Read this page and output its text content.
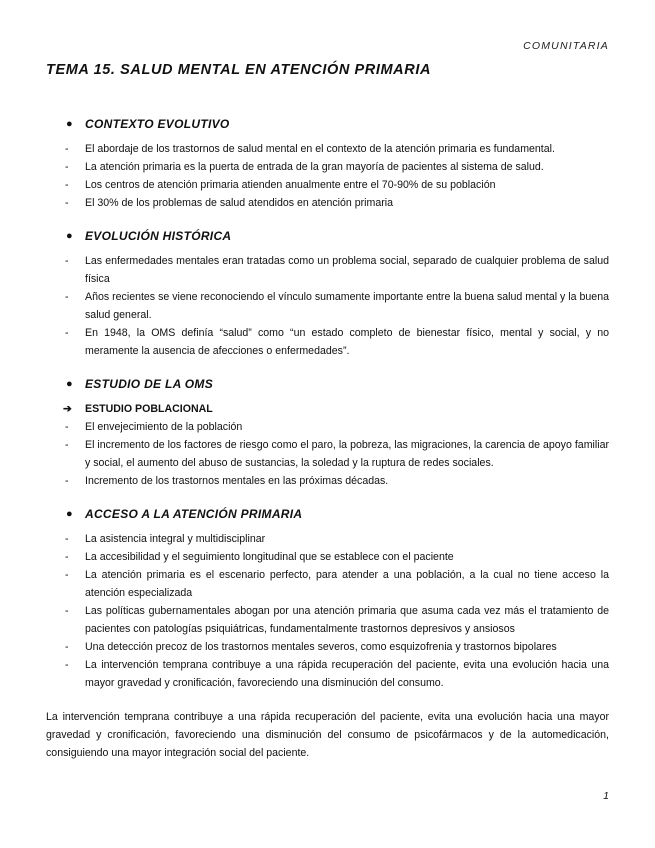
COMUNITARIA
TEMA 15. SALUD MENTAL EN ATENCIÓN PRIMARIA
●	CONTEXTO EVOLUTIVO
- El abordaje de los trastornos de salud mental en el contexto de la atención primaria es fundamental.
- La atención primaria es la puerta de entrada de la gran mayoría de pacientes al sistema de salud.
- Los centros de atención primaria atienden anualmente entre el 70-90% de su población
- El 30% de los problemas de salud atendidos en atención primaria
●	EVOLUCIÓN HISTÓRICA
- Las enfermedades mentales eran tratadas como un problema social, separado de cualquier problema de salud física
- Años recientes se viene reconociendo el vínculo sumamente importante entre la buena salud mental y la buena salud general.
- En 1948, la OMS definía “salud” como “un estado completo de bienestar físico, mental y social, y no meramente la ausencia de afecciones o enfermedades”.
●	ESTUDIO DE LA OMS
➔ ESTUDIO POBLACIONAL
- El envejecimiento de la población
- El incremento de los factores de riesgo como el paro, la pobreza, las migraciones, la carencia de apoyo familiar y social, el aumento del abuso de sustancias, la soledad y la ruptura de redes sociales.
- Incremento de los trastornos mentales en las próximas décadas.
●	ACCESO A LA ATENCIÓN PRIMARIA
- La asistencia integral y multidisciplinar
- La accesibilidad y el seguimiento longitudinal que se establece con el paciente
- La atención primaria es el escenario perfecto, para atender a una población, a la cual no tiene acceso la atención especializada
- Las políticas gubernamentales abogan por una atención primaria que asuma cada vez más el tratamiento de pacientes con patologías psiquiátricas, fundamentalmente trastornos depresivos y ansiosos
- Una detección precoz de los trastornos mentales severos, como esquizofrenia y trastornos bipolares
- La intervención temprana contribuye a una rápida recuperación del paciente, evita una evolución hacia una mayor gravedad y cronificación, favoreciendo una disminución del consumo.

La intervención temprana contribuye a una rápida recuperación del paciente, evita una evolución hacia una mayor gravedad y cronificación, favoreciendo una disminución del consumo de psicofármacos y de la automedicación, consiguiendo una mayor integración social del paciente.

1
